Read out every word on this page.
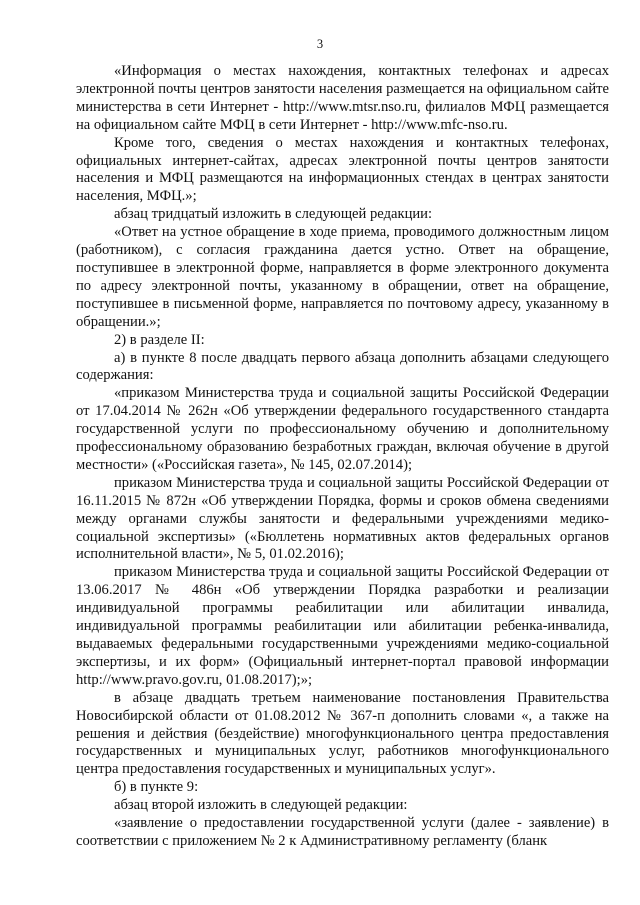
3

«Информация о местах нахождения, контактных телефонах и адресах электронной почты центров занятости населения размещается на официальном сайте министерства в сети Интернет - http://www.mtsr.nso.ru, филиалов МФЦ размещается на официальном сайте МФЦ в сети Интернет - http://www.mfc-nso.ru.

Кроме того, сведения о местах нахождения и контактных телефонах, официальных интернет-сайтах, адресах электронной почты центров занятости населения и МФЦ размещаются на информационных стендах в центрах занятости населения, МФЦ.»;

абзац тридцатый изложить в следующей редакции:

«Ответ на устное обращение в ходе приема, проводимого должностным лицом (работником), с согласия гражданина дается устно. Ответ на обращение, поступившее в электронной форме, направляется в форме электронного документа по адресу электронной почты, указанному в обращении, ответ на обращение, поступившее в письменной форме, направляется по почтовому адресу, указанному в обращении.»;

2) в разделе II:

а) в пункте 8 после двадцать первого абзаца дополнить абзацами следующего содержания:

«приказом Министерства труда и социальной защиты Российской Федерации от 17.04.2014 № 262н «Об утверждении федерального государственного стандарта государственной услуги по профессиональному обучению и дополнительному профессиональному образованию безработных граждан, включая обучение в другой местности» («Российская газета», № 145, 02.07.2014);

приказом Министерства труда и социальной защиты Российской Федерации от 16.11.2015 № 872н «Об утверждении Порядка, формы и сроков обмена сведениями между органами службы занятости и федеральными учреждениями медико-социальной экспертизы» («Бюллетень нормативных актов федеральных органов исполнительной власти», № 5, 01.02.2016);

приказом Министерства труда и социальной защиты Российской Федерации от 13.06.2017 № 486н «Об утверждении Порядка разработки и реализации индивидуальной программы реабилитации или абилитации инвалида, индивидуальной программы реабилитации или абилитации ребенка-инвалида, выдаваемых федеральными государственными учреждениями медико-социальной экспертизы, и их форм» (Официальный интернет-портал правовой информации http://www.pravo.gov.ru, 01.08.2017);»;

в абзаце двадцать третьем наименование постановления Правительства Новосибирской области от 01.08.2012 № 367-п дополнить словами «, а также на решения и действия (бездействие) многофункционального центра предоставления государственных и муниципальных услуг, работников многофункционального центра предоставления государственных и муниципальных услуг».

б) в пункте 9:

абзац второй изложить в следующей редакции:

«заявление о предоставлении государственной услуги (далее - заявление) в соответствии с приложением № 2 к Административному регламенту (бланк
